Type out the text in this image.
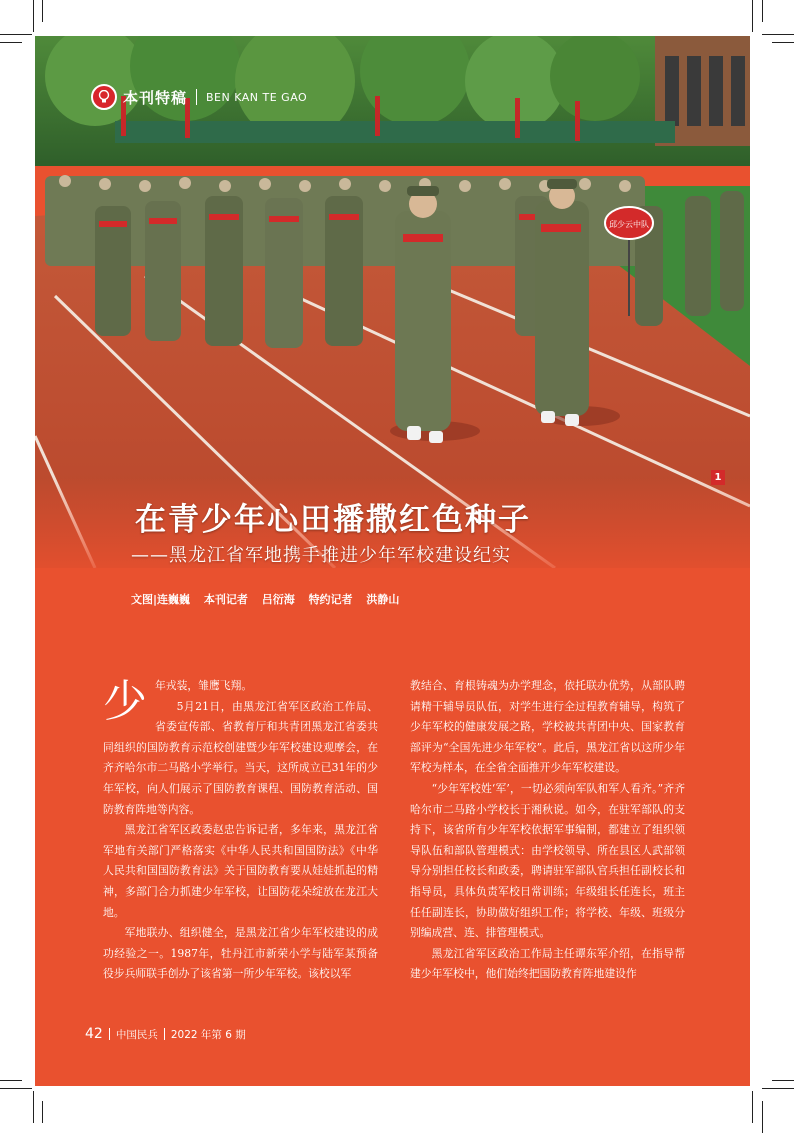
邱少云中队
本刊特稿 BEN KAN TE GAO
1
在青少年心田播撒红色种子
——黑龙江省军地携手推进少年军校建设纪实
文图|连巍巍 本刊记者 吕衍海 特约记者 洪静山

少年戎装，雏鹰飞翔。

5月21日，由黑龙江省军区政治工作局、省委宣传部、省教育厅和共青团黑龙江省委共同组织的国防教育示范校创建暨少年军校建设观摩会，在齐齐哈尔市二马路小学举行。当天，这所成立已31年的少年军校，向人们展示了国防教育课程、国防教育活动、国防教育阵地等内容。

黑龙江省军区政委赵忠告诉记者，多年来，黑龙江省军地有关部门严格落实《中华人民共和国国防法》《中华人民共和国国防教育法》关于国防教育要从娃娃抓起的精神，多部门合力抓建少年军校，让国防花朵绽放在龙江大地。

军地联办、组织健全，是黑龙江省少年军校建设的成功经验之一。1987年，牡丹江市新荣小学与陆军某预备役步兵师联手创办了该省第一所少年军校。该校以军

教结合、育根铸魂为办学理念，依托联办优势，从部队聘请精干辅导员队伍，对学生进行全过程教育辅导，构筑了少年军校的健康发展之路，学校被共青团中央、国家教育部评为“全国先进少年军校”。此后，黑龙江省以这所少年军校为样本，在全省全面推开少年军校建设。

“少年军校姓‘军’，一切必须向军队和军人看齐。”齐齐哈尔市二马路小学校长于湘秋说。如今，在驻军部队的支持下，该省所有少年军校依据军事编制，都建立了组织领导队伍和部队管理模式：由学校领导、所在县区人武部领导分别担任校长和政委，聘请驻军部队官兵担任副校长和指导员，具体负责军校日常训练；年级组长任连长，班主任任副连长，协助做好组织工作；将学校、年级、班级分别编成营、连、排管理模式。

黑龙江省军区政治工作局主任谭东军介绍，在指导帮建少年军校中，他们始终把国防教育阵地建设作

42 中国民兵 2022 年第 6 期
